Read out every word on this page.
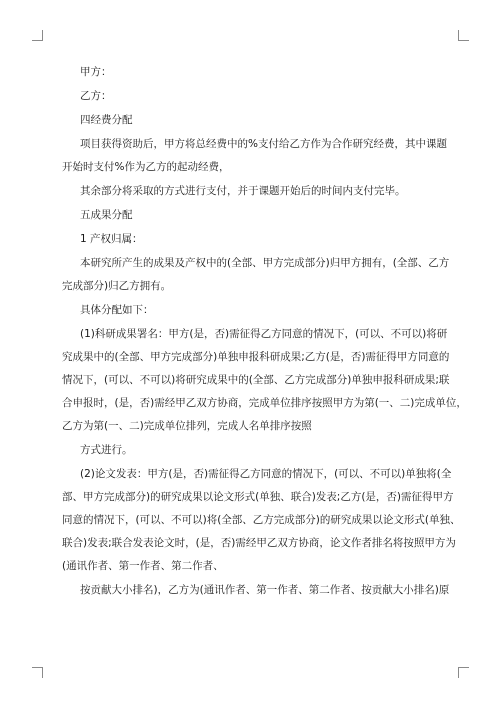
甲方：

乙方：

四经费分配

项目获得资助后，甲方将总经费中的%支付给乙方作为合作研究经费，其中课题

开始时支付%作为乙方的起动经费，

其余部分将采取的方式进行支付，并于课题开始后的时间内支付完毕。

五成果分配

1 产权归属：

本研究所产生的成果及产权中的(全部、甲方完成部分)归甲方拥有，(全部、乙方

完成部分)归乙方拥有。

具体分配如下：

(1)科研成果署名：甲方(是，否)需征得乙方同意的情况下，(可以、不可以)将研

究成果中的(全部、甲方完成部分)单独申报科研成果;乙方(是，否)需征得甲方同意的

情况下，(可以、不可以)将研究成果中的(全部、乙方完成部分)单独申报科研成果;联

合申报时，(是，否)需经甲乙双方协商，完成单位排序按照甲方为第(一、二)完成单位，

乙方为第(一、二)完成单位排列，完成人名单排序按照

方式进行。

(2)论文发表：甲方(是，否)需征得乙方同意的情况下，(可以、不可以)单独将(全

部、甲方完成部分)的研究成果以论文形式(单独、联合)发表;乙方(是，否)需征得甲方

同意的情况下，(可以、不可以)将(全部、乙方完成部分)的研究成果以论文形式(单独、

联合)发表;联合发表论文时，(是，否)需经甲乙双方协商，论文作者排名将按照甲方为

(通讯作者、第一作者、第二作者、

按贡献大小排名)，乙方为(通讯作者、第一作者、第二作者、按贡献大小排名)原
